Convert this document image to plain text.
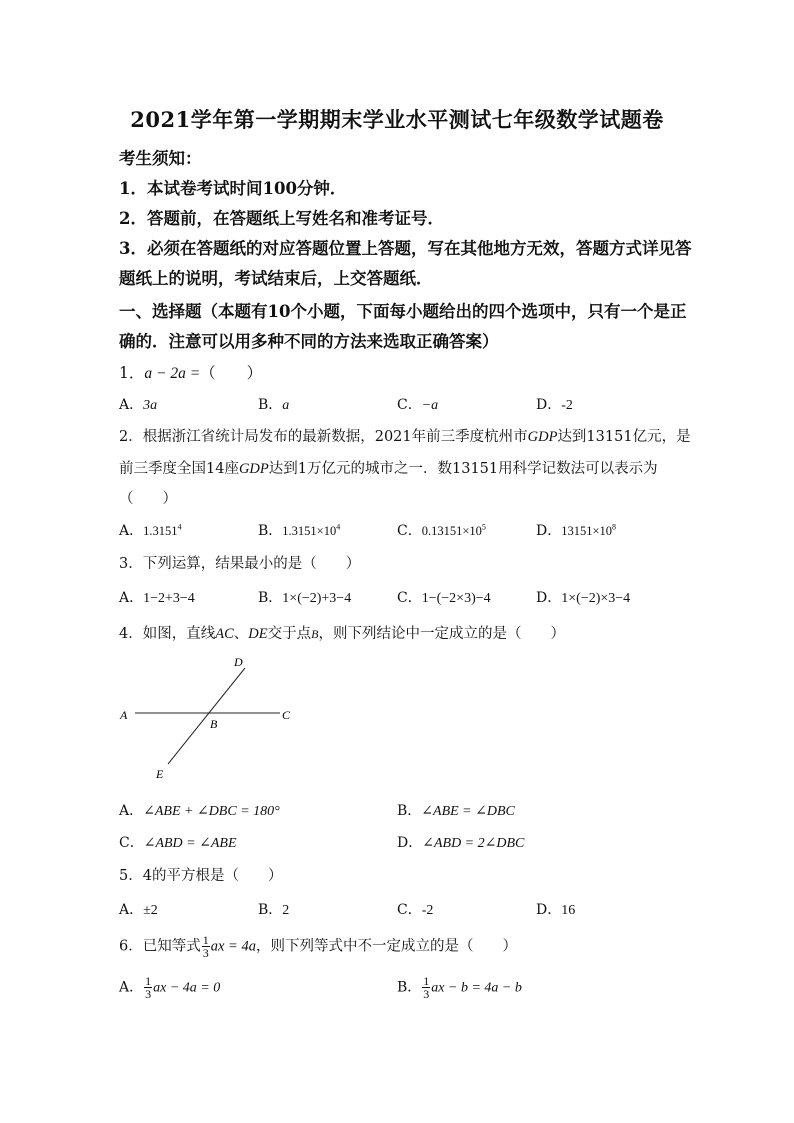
2021学年第一学期期末学业水平测试七年级数学试题卷
考生须知：
1．本试卷考试时间100分钟．
2．答题前，在答题纸上写姓名和准考证号．
3．必须在答题纸的对应答题位置上答题，写在其他地方无效，答题方式详见答
题纸上的说明，考试结束后，上交答题纸．
一、选择题（本题有10个小题，下面每小题给出的四个选项中，只有一个是正
确的．注意可以用多种不同的方法来选取正确答案）
1．a − 2a =（　　）
A．3a	B．a	C．−a	D．-2
2．根据浙江省统计局发布的最新数据，2021年前三季度杭州市GDP达到13151亿元，是
前三季度全国14座GDP达到1万亿元的城市之一．数13151用科学记数法可以表示为
（　　）
A．1.3151$^4$	B．$1.3151\times 10^4$	C．$0.13151\times 10^5$	D．$13151\times 10^8$
3．下列运算，结果最小的是（　　）
A．1−2+3−4	B．1×(−2)+3−4	C．1−(−2×3)−4	D．1×(−2)×3−4
4．如图，直线AC、DE交于点B，则下列结论中一定成立的是（　　）
D
A
B
C
E
A．∠ABE + ∠DBC = 180°	B．∠ABE = ∠DBC
C．∠ABD = ∠ABE	D．∠ABD = 2∠DBC
5．4的平方根是（　　）
A．±2	B．2	C．-2	D．16
6．已知等式 $\frac{1}{3}$ ax = 4a，则下列等式中不一定成立的是（　　）
A． $\frac{1}{3}$ ax − 4a = 0	B． $\frac{1}{3}$ ax − b = 4a − b
